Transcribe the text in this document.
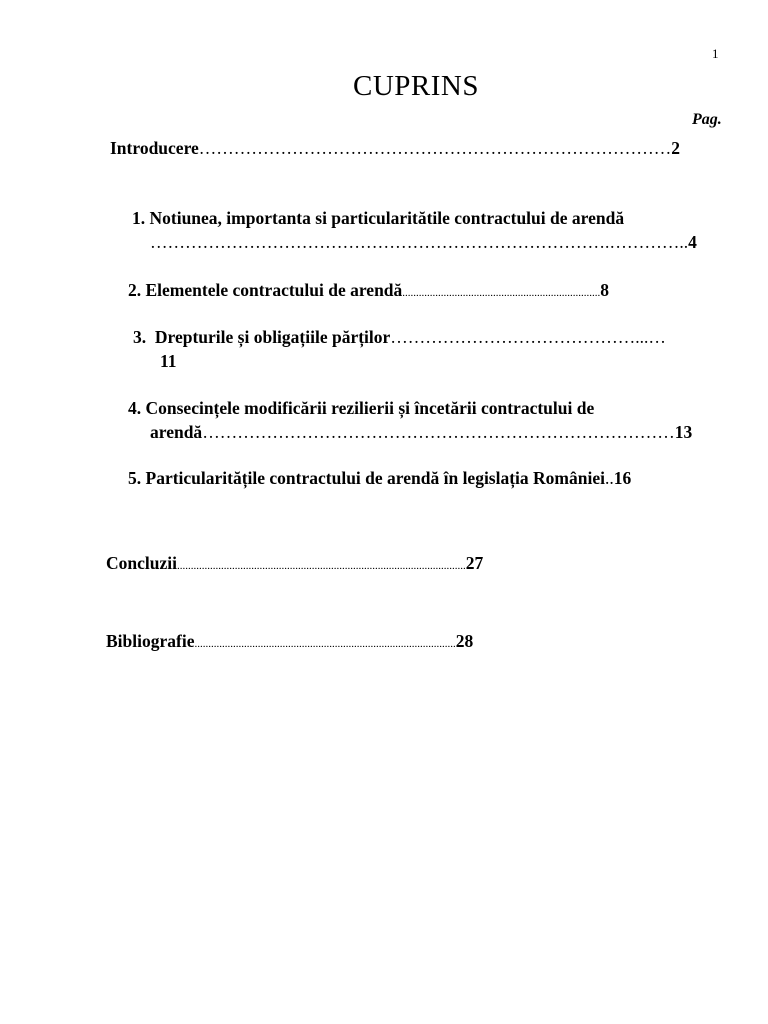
1
CUPRINS
Pag.
Introducere………………………………………………………………………2
1. Notiunea, importanta si particularitătile contractului de arendă
…………………………………………………………………….…………..4
2. Elementele contractului de arendă........................................................................8
3. Drepturile și obligațiile părților……………………………………...…
11
4. Consecințele modificării rezilierii și încetării contractului de
arendă………………………………………………………………………13
5. Particularitățile contractului de arendă în legislația României..16
Concluzii.........................................................................................................27
Bibliografie...............................................................................................28
